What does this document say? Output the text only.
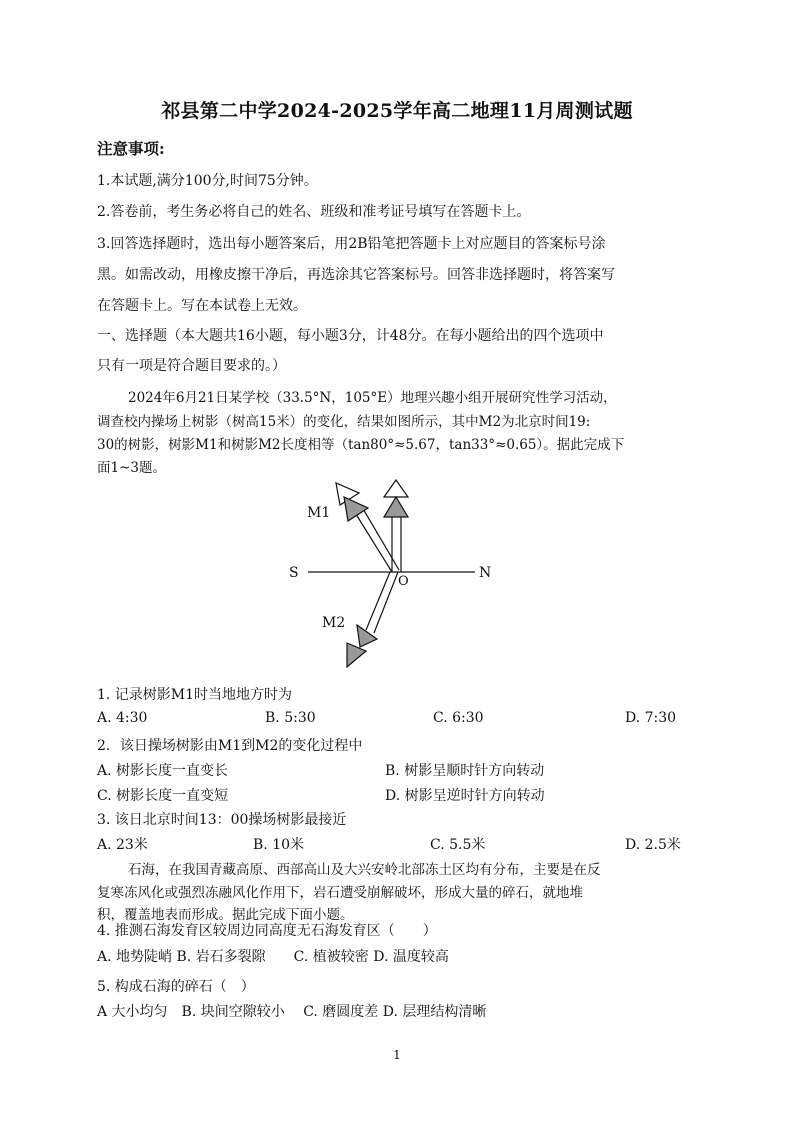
祁县第二中学2024-2025学年高二地理11月周测试题
注意事项:
1.本试题,满分100分,时间75分钟。
2.答卷前，考生务必将自己的姓名、班级和准考证号填写在答题卡上。
3.回答选择题时，选出每小题答案后，用2B铅笔把答题卡上对应题目的答案标号涂
黑。如需改动，用橡皮擦干净后，再选涂其它答案标号。回答非选择题时，将答案写
在答题卡上。写在本试卷上无效。
一、选择题（本大题共16小题，每小题3分，计48分。在每小题给出的四个选项中
只有一项是符合题目要求的。）
2024年6月21日某学校（33.5°N，105°E）地理兴趣小组开展研究性学习活动，
调查校内操场上树影（树高15米）的变化，结果如图所示，其中M2为北京时间19:
30的树影，树影M1和树影M2长度相等（tan80°≈5.67，tan33°≈0.65）。据此完成下
面1~3题。
M1
M2
S	N
O
1. 记录树影M1时当地地方时为
A. 4:30	B. 5:30	C. 6:30	D. 7:30
2．该日操场树影由M1到M2的变化过程中
A. 树影长度一直变长	B. 树影呈顺时针方向转动
C. 树影长度一直变短	D. 树影呈逆时针方向转动
3. 该日北京时间13：00操场树影最接近
A. 23米	B. 10米	C. 5.5米	D. 2.5米
石海，在我国青藏高原、西部高山及大兴安岭北部冻土区均有分布，主要是在反
复寒冻风化或强烈冻融风化作用下，岩石遭受崩解破坏，形成大量的碎石，就地堆
积，覆盖地表而形成。据此完成下面小题。
4. 推测石海发育区较周边同高度无石海发育区（　　）
A. 地势陡峭 B. 岩石多裂隙　　C. 植被较密 D. 温度较高
5. 构成石海的碎石（　）
A 大小均匀　B. 块间空隙较小　 C. 磨圆度差 D. 层理结构清晰
1
